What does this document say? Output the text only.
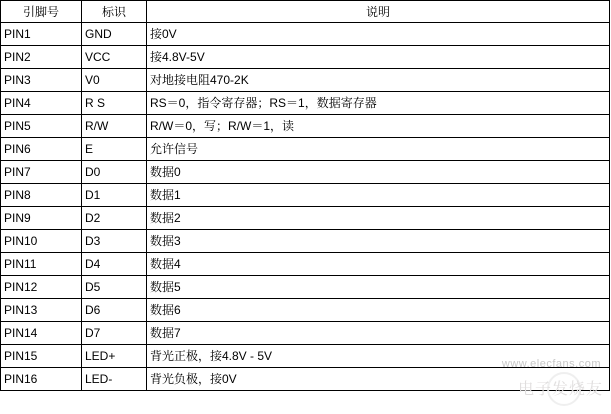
引脚号	标识	说明
PIN1	GND	接0V
PIN2	VCC	接4.8V-5V
PIN3	V0	对地接电阻470-2K
PIN4	R S	RS＝0，指令寄存器；RS＝1，数据寄存器
PIN5	R/W	R/W＝0，写；R/W＝1，读
PIN6	E	允许信号
PIN7	D0	数据0
PIN8	D1	数据1
PIN9	D2	数据2
PIN10	D3	数据3
PIN11	D4	数据4
PIN12	D5	数据5
PIN13	D6	数据6
PIN14	D7	数据7
PIN15	LED+	背光正极，接4.8V - 5V
PIN16	LED-	背光负极，接0V
www.elecfans.com
电子发烧友
